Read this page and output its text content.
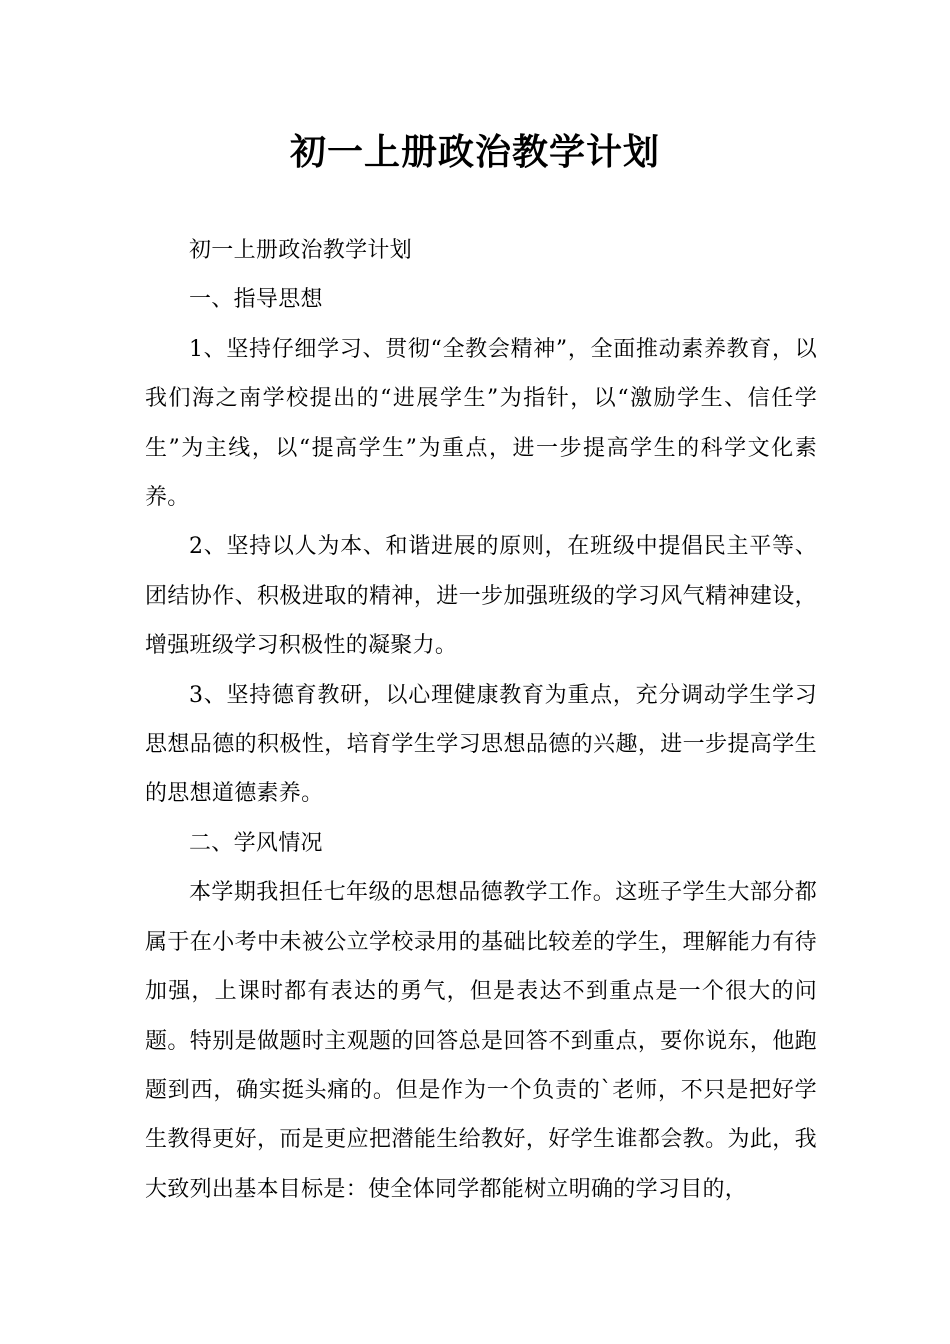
初一上册政治教学计划

初一上册政治教学计划

一、指导思想

1、坚持仔细学习、贯彻“全教会精神”，全面推动素养教育，以我们海之南学校提出的“进展学生”为指针，以“激励学生、信任学生”为主线，以“提高学生”为重点，进一步提高学生的科学文化素养。

2、坚持以人为本、和谐进展的原则，在班级中提倡民主平等、团结协作、积极进取的精神，进一步加强班级的学习风气精神建设，增强班级学习积极性的凝聚力。

3、坚持德育教研，以心理健康教育为重点，充分调动学生学习思想品德的积极性，培育学生学习思想品德的兴趣，进一步提高学生的思想道德素养。

二、学风情况

本学期我担任七年级的思想品德教学工作。这班子学生大部分都属于在小考中未被公立学校录用的基础比较差的学生，理解能力有待加强，上课时都有表达的勇气，但是表达不到重点是一个很大的问题。特别是做题时主观题的回答总是回答不到重点，要你说东，他跑题到西，确实挺头痛的。但是作为一个负责的`老师，不只是把好学生教得更好，而是更应把潜能生给教好，好学生谁都会教。为此，我大致列出基本目标是：使全体同学都能树立明确的学习目的，
